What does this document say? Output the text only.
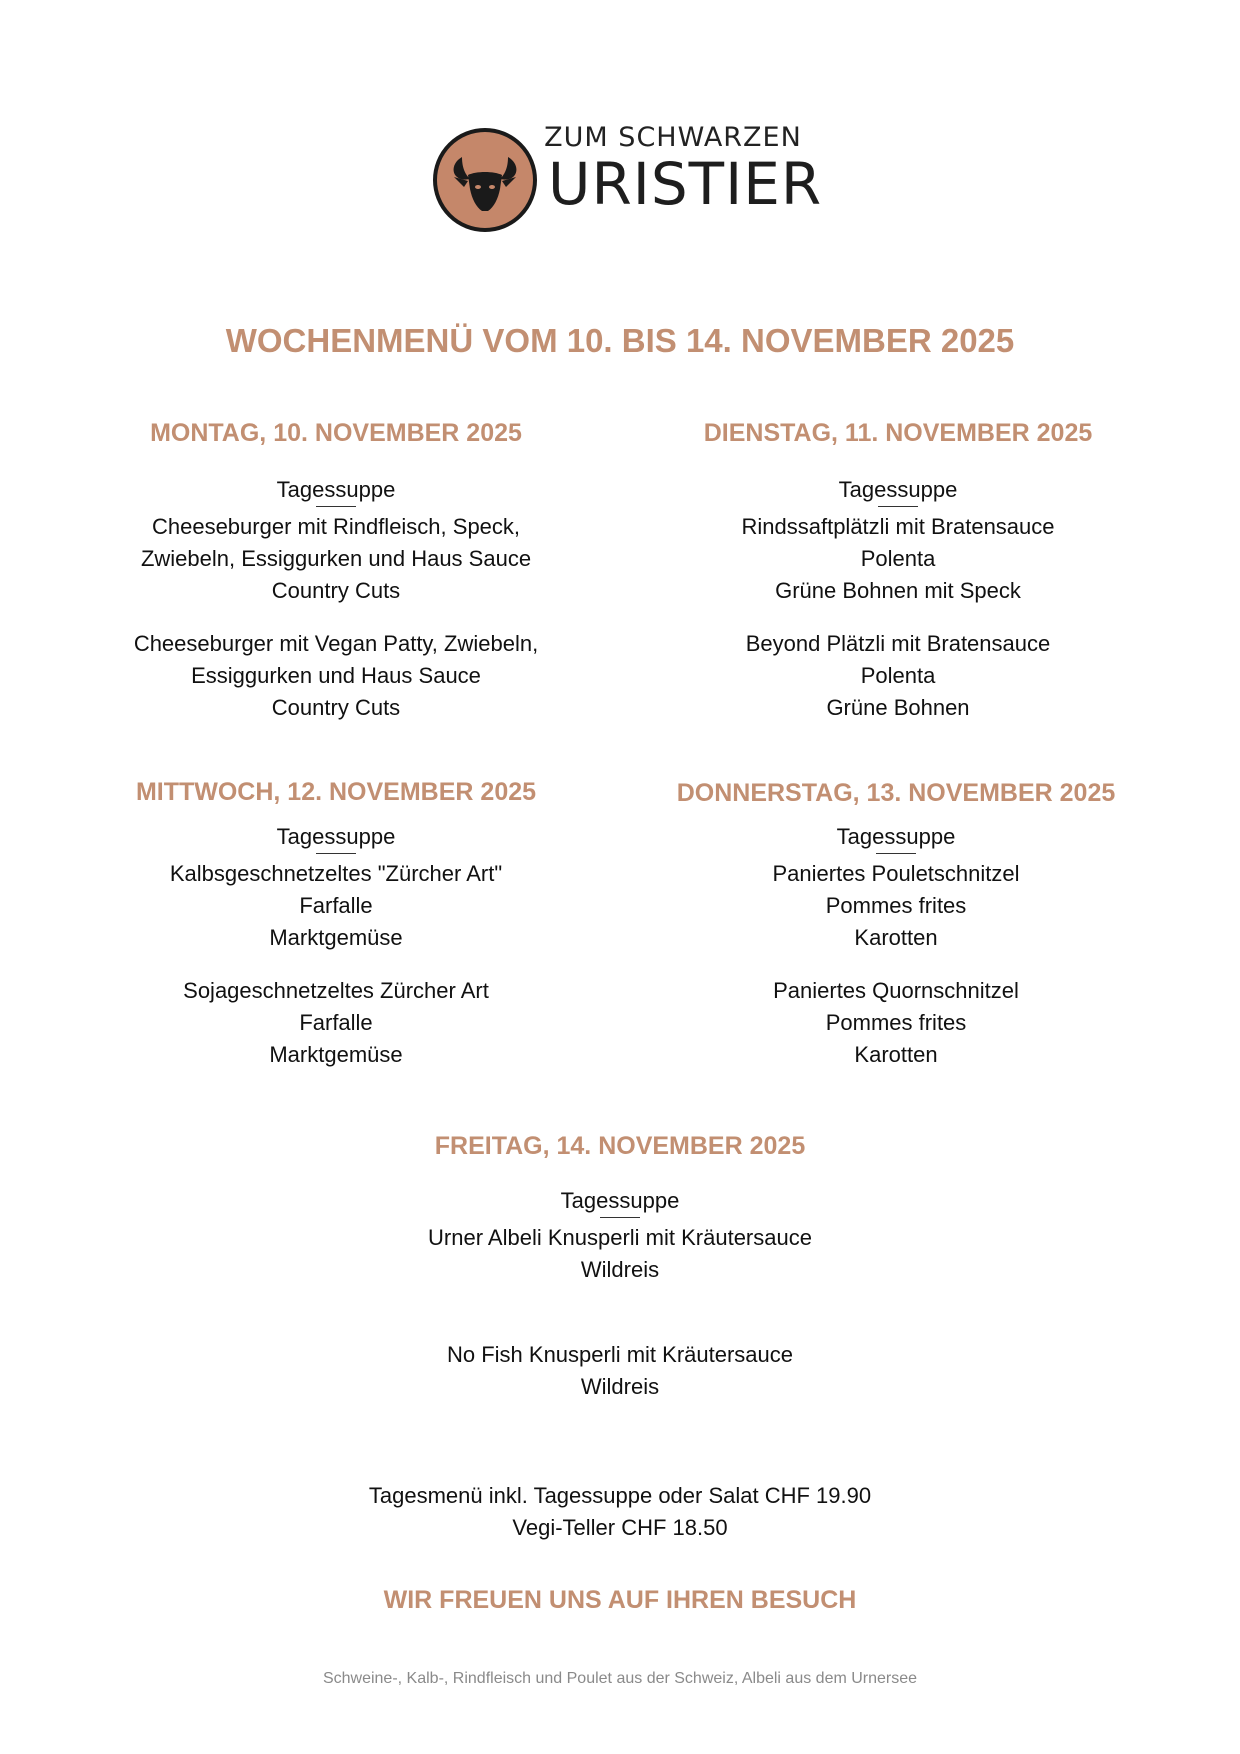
ZUM SCHWARZEN
URISTIER
WOCHENMENÜ VOM 10. BIS 14. NOVEMBER 2025
MONTAG, 10. NOVEMBER 2025
Tagessuppe
Cheeseburger mit Rindfleisch, Speck,
Zwiebeln, Essiggurken und Haus Sauce
Country Cuts
Cheeseburger mit Vegan Patty, Zwiebeln,
Essiggurken und Haus Sauce
Country Cuts
DIENSTAG, 11. NOVEMBER 2025
Tagessuppe
Rindssaftplätzli mit Bratensauce
Polenta
Grüne Bohnen mit Speck
Beyond Plätzli mit Bratensauce
Polenta
Grüne Bohnen
MITTWOCH, 12. NOVEMBER 2025
Tagessuppe
Kalbsgeschnetzeltes "Zürcher Art"
Farfalle
Marktgemüse
Sojageschnetzeltes Zürcher Art
Farfalle
Marktgemüse
DONNERSTAG, 13. NOVEMBER 2025
Tagessuppe
Paniertes Pouletschnitzel
Pommes frites
Karotten
Paniertes Quornschnitzel
Pommes frites
Karotten
FREITAG, 14. NOVEMBER 2025
Tagessuppe
Urner Albeli Knusperli mit Kräutersauce
Wildreis
No Fish Knusperli mit Kräutersauce
Wildreis
Tagesmenü inkl. Tagessuppe oder Salat CHF 19.90
Vegi-Teller CHF 18.50
WIR FREUEN UNS AUF IHREN BESUCH
Schweine-, Kalb-, Rindfleisch und Poulet aus der Schweiz, Albeli aus dem Urnersee
